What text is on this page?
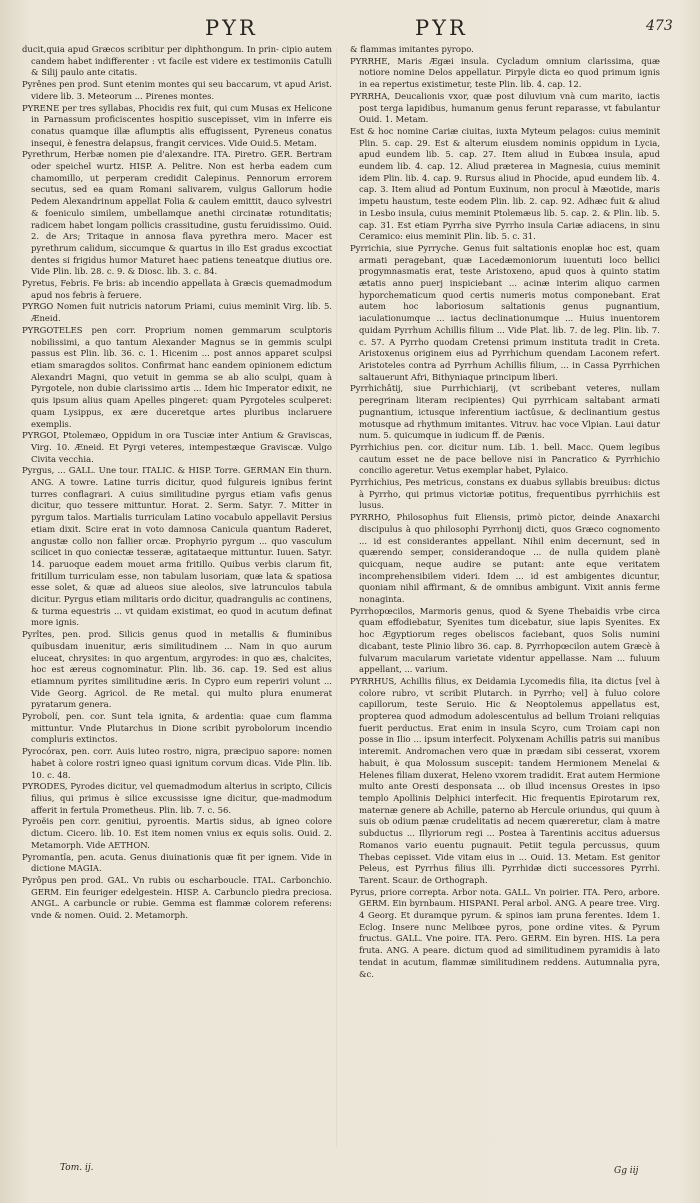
PYR	PYR	473

ducit,quia apud Græcos scribitur per diphthongum. In prin- cipio autem candem habet indifferenter : vt facile est videre ex testimoniis Catulli & Silij paulo ante citatis.

Pyrênes pen prod. Sunt etenim montes qui seu baccarum, vt apud Arist. videre lib. 3. Meteorum ... Pirenes montes.

PYRENE per tres syllabas, Phocidis rex fuit, qui cum Musas ex Helicone in Parnassum proficiscentes hospitio suscepisset, vim in inferre eis conatus quamque illæ aflumptis alis effugissent, Pyreneus conatus insequi, è fenestra delapsus, frangit cervices. Vide Ouid.5. Metam.

Pyrethrum, Herbæ nomen pie d'alexandre. ITA. Piretro. GER. Bertram oder speichel wurtz. HISP. A. Pelitre. Non est herba eadem cum chamomillo, ut perperam credidit Calepinus. Pennorum errorem secutus, sed ea quam Romani salivarem, vulgus Gallorum hodie Pedem Alexandrinum appellat Folia & caulem emittit, dauco sylvestri & foeniculo similem, umbellamque anethi circinatæ rotunditatis; radicem habet longam pollicis crassitudine, gustu feruidissimo. Ouid. 2. de Ars; Tritaque in annosa flava pyrethra mero. Macer est pyrethrum calidum, siccumque & quartus in illo Est gradus excoctiat dentes si frigidus humor Maturet haec patiens teneatque diutius ore. Vide Plin. lib. 28. c. 9. & Diosc. lib. 3. c. 84.

Pyretus, Febris. Fe bris: ab incendio appellata à Græcis quemadmodum apud nos febris à feruere.

PYRGO Nomen fuit nutricis natorum Priami, cuius meminit Virg. lib. 5. Æneid.

PYRGOTELES pen corr. Proprium nomen gemmarum sculptoris nobilissimi, a quo tantum Alexander Magnus se in gemmis sculpi passus est Plin. lib. 36. c. 1. Hicenim ... post annos apparet sculpsi etiam smaragdos solitos. Confirmat hanc eandem opinionem edictum Alexandri Magni, quo vetuit in gemma se ab alio sculpi, quam à Pyrgotele, non dubie clarissimo artis ... Idem hic Imperator edixit, ne quis ipsum alius quam Apelles pingeret: quam Pyrgoteles sculperet: quam Lysippus, ex ære duceretque artes pluribus inclaruere exemplis.

PYRGOI, Ptolemæo, Oppidum in ora Tusciæ inter Antium & Graviscas, Virg. 10. Æneid. Et Pyrgi veteres, intempestæque Graviscæ. Vulgo Civita vecchia.

Pyrgus, ... GALL. Une tour. ITALIC. & HISP. Torre. GERMAN Ein thurn. ANG. A towre. Latine turris dicitur, quod fulgureis ignibus ferint turres conflagrari. A cuius similitudine pyrgus etiam vafis genus dicitur, quo tessere mittuntur. Horat. 2. Serm. Satyr. 7. Mitter in pyrgum talos. Martialis turriculam Latino vocabulo appellavit Persius etiam dixit. Scire erat in voto damnosa Canicula quantum Raderet, angustæ collo non fallier orcæ. Prophyrio pyrgum ... quo vasculum scilicet in quo coniectæ tesseræ, agitataeque mittuntur. Iuuen. Satyr. 14. paruoque eadem mouet arma fritillo. Quibus verbis clarum fit, fritillum turriculam esse, non tabulam lusoriam, quæ lata & spatiosa esse solet, & quæ ad alueos siue aleolos, sive latrunculos tabula dicitur. Pyrgus etiam militaris ordo dicitur, quadrangulis ac continens, & turma equestris ... vt quidam existimat, eo quod in acutum definat more ignis.

Pyrîtes, pen. prod. Silicis genus quod in metallis & fluminibus quibusdam inuenitur, æris similitudinem ... Nam in quo aurum eluceat, chrysites: in quo argentum, argyrodes: in quo æs, chalcites, hoc est æreus cognominatur. Plin. lib. 36. cap. 19. Sed est alius etiamnum pyrites similitudine æris. In Cypro eum reperiri volunt ... Vide Georg. Agricol. de Re metal. qui multo plura enumerat pyratarum genera.

Pyrobolí, pen. cor. Sunt tela ignita, & ardentia: quae cum flamma mittuntur. Vnde Plutarchus in Dione scribit pyrobolorum incendio compluris extinctos.

Pyrocórax, pen. corr. Auis luteo rostro, nigra, præcipuo sapore: nomen habet à colore rostri igneo quasi ignitum corvum dicas. Vide Plin. lib. 10. c. 48.

PYRODES, Pyrodes dicitur, vel quemadmodum alterius in scripto, Cilicis filius, qui primus è silice excussisse igne dicitur, que-madmodum afferit in fertula Prometheus. Plin. lib. 7. c. 56.

Pyroëis pen corr. genitiui, pyroentis. Martis sidus, ab igneo colore dictum. Cicero. lib. 10. Est item nomen vnius ex equis solis. Ouid. 2. Metamorph. Vide AETHON.

Pyromantîa, pen. acuta. Genus diuinationis quæ fit per ignem. Vide in dictione MAGIA.

Pyrôpus pen prod. GAL. Vn rubis ou escharboucle. ITAL. Carbonchio. GERM. Ein feuriger edelgestein. HISP. A. Carbunclo piedra preciosa. ANGL. A carbuncle or rubie. Gemma est flammæ colorem referens: vnde & nomen. Ouid. 2. Metamorph.

& flammas imitantes pyropo.

PYRRHE, Maris Ægæi insula. Cycladum omnium clarissima, quæ notiore nomine Delos appellatur. Pirpyle dicta eo quod primum ignis in ea repertus existimetur, teste Plin. lib. 4. cap. 12.

PYRRHA, Deucalionis vxor, quæ post diluvium vnà cum marito, iactis post terga lapidibus, humanum genus ferunt reparasse, vt fabulantur Ouid. 1. Metam.

Est & hoc nomine Cariæ ciuitas, iuxta Myteum pelagos: cuius meminit Plin. 5. cap. 29. Est & alterum eiusdem nominis oppidum in Lycia, apud eundem lib. 5. cap. 27. Item aliud in Eubœa insula, apud eundem lib. 4. cap. 12. Aliud præterea in Magnesia, cuius meminit idem Plin. lib. 4. cap. 9. Rursus aliud in Phocide, apud eundem lib. 4. cap. 3. Item aliud ad Pontum Euxinum, non procul à Mæotide, maris impetu haustum, teste eodem Plin. lib. 2. cap. 92. Adhæc fuit & aliud in Lesbo insula, cuius meminit Ptolemæus lib. 5. cap. 2. & Plin. lib. 5. cap. 31. Est etiam Pyrrha sive Pyrrho insula Cariæ adiacens, in sinu Ceramico: eius meminit Plin. lib. 5. c. 31.

Pyrrichia, siue Pyrryche. Genus fuit saltationis enoplæ hoc est, quam armati peragebant, quæ Lacedæmoniorum iuuentuti loco bellici progymnasmatis erat, teste Aristoxeno, apud quos à quinto statim ætatis anno puerj inspiciebant ... acinæ interim aliquo carmen hyporchematicum quod certis numeris motus componebant. Erat autem hoc laboriosum saltationis genus pugnantium, iaculationumque ... iactus declinationumque ... Huius inuentorem quidam Pyrrhum Achillis filium ... Vide Plat. lib. 7. de leg. Plin. lib. 7. c. 57. A Pyrrho quodam Cretensi primum instituta tradit in Creta. Aristoxenus originem eius ad Pyrrhichum quendam Laconem refert. Aristoteles contra ad Pyrrhum Achillis filium, ... in Cassa Pyrrhichen saltauerunt Afri, Bithyniaque principum liberi.

Pyrrhichâtij, siue Purrhichiarij, (vt scribebant veteres, nullam peregrinam literam recipientes) Qui pyrrhicam saltabant armati pugnantium, ictusque inferentium iactûsue, & declinantium gestus motusque ad rhythmum imitantes. Vitruv. hac voce Vlpian. Laui datur num. 5. quicumque in iudicum ff. de Pænis.

Pyrrhichius pen. cor. dicitur num. Lib. 1. bell. Macc. Quem legibus cautum esset ne de pace bellove nisi in Pancratico & Pyrrhichio concilio ageretur. Vetus exemplar habet, Pylaico.

Pyrrhichius, Pes metricus, constans ex duabus syllabis breuibus: dictus à Pyrrho, qui primus victoriæ potitus, frequentibus pyrrhichiis est lusus.

PYRRHO, Philosophus fuit Eliensis, primò pictor, deinde Anaxarchi discipulus à quo philosophi Pyrrhonij dicti, quos Græco cognomento ... id est considerantes appellant. Nihil enim decernunt, sed in quærendo semper, considerandoque ... de nulla quidem planè quicquam, neque audire se putant: ante eque veritatem incomprehensibilem videri. Idem ... id est ambigentes dicuntur, quoniam nihil affirmant, & de omnibus ambigunt. Vixit annis ferme nonaginta.

Pyrrhopœcilos, Marmoris genus, quod & Syene Thebaidis vrbe circa quam effodiebatur, Syenites tum dicebatur, siue lapis Syenites. Ex hoc Ægyptiorum reges obeliscos faciebant, quos Solis numini dicabant, teste Plinio libro 36. cap. 8. Pyrrhopœcilon autem Græcè à fulvarum macularum varietate videntur appellasse. Nam ... fuluum appellant, ... varium.

PYRRHUS, Achillis filius, ex Deidamia Lycomedis filia, ita dictus [vel à colore rubro, vt scribit Plutarch. in Pyrrho; vel] à fuluo colore capillorum, teste Seruio. Hic & Neoptolemus appellatus est, propterea quod admodum adolescentulus ad bellum Troiani reliquias fuerit perductus. Erat enim in insula Scyro, cum Troiam capi non posse in Ilio ... ipsum interfecit. Polyxenam Achillis patris sui manibus interemit. Andromachen vero quæ in prædam sibi cesserat, vxorem habuit, è qua Molossum suscepit: tandem Hermionem Menelai & Helenes filiam duxerat, Heleno vxorem tradidit. Erat autem Hermione multo ante Oresti desponsata ... ob illud incensus Orestes in ipso templo Apollinis Delphici interfecit. Hic frequentis Epirotarum rex, maternæ genere ab Achille, paterno ab Hercule oriundus, qui quum à suis ob odium pænæ crudelitatis ad necem quæreretur, clam à matre subductus ... Illyriorum regi ... Postea à Tarentinis accitus aduersus Romanos vario euentu pugnauit. Petiit tegula percussus, quum Thebas cepisset. Vide vitam eius in ... Ouid. 13. Metam. Est genitor Peleus, est Pyrrhus filius illi. Pyrrhidæ dicti successores Pyrrhi. Tarent. Scaur. de Orthograph.

Pyrus, priore correpta. Arbor nota. GALL. Vn poirier. ITA. Pero, arbore. GERM. Ein byrnbaum. HISPANI. Peral arbol. ANG. A peare tree. Virg. 4 Georg. Et duramque pyrum. & spinos iam pruna ferentes. Idem 1. Eclog. Insere nunc Melibœe pyros, pone ordine vites. & Pyrum fructus. GALL. Vne poire. ITA. Pero. GERM. Ein byren. HIS. La pera fruta. ANG. A peare. dictum quod ad similitudinem pyramidis à lato tendat in acutum, flammæ similitudinem reddens. Autumnalia pyra, &c.

Tom. ij.	Gg iij
